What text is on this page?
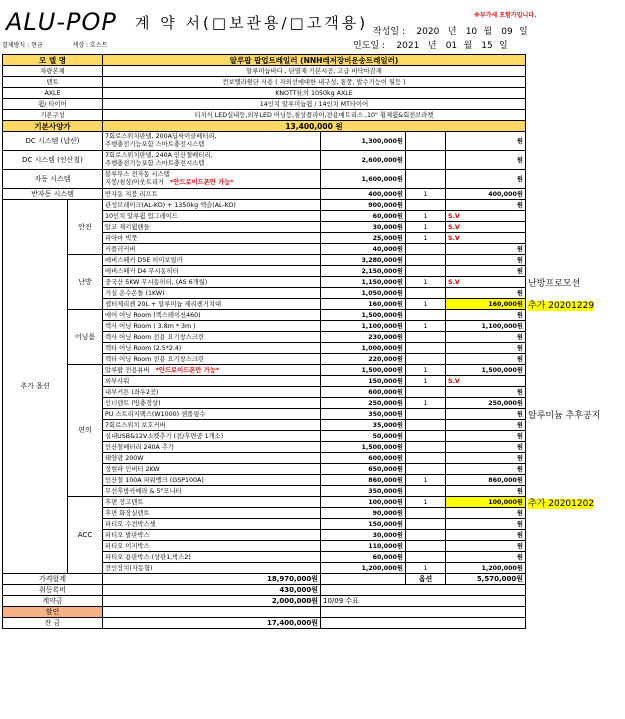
ALU-POP 계 약 서(□보관용/□고객용)	※부가세 포함가입니다.
작성일 : 2020 년 10 월 09 일
인도일 : 2021 년 01 월 15 일
결제방식 : 현금	색상 : 호스트
모 델 명		알루팝 팝업트레일러 (NNH레저장비운송트레일러)			
차량본체		알루미늄바디 , 단열재 기본시공, 고급 비닥마감재			
텐트		컨보텔라원단 사용 ( 자외선에대한 내구성, 통풍, 발수기능이 월등 )			
AXLE		KNOTT社의 1050kg AXLE			
휠/ 타이어		14인치 알루미늄휠 / 14인치 MT타이어			
기본구성		티치식 LED실내등,외부LED 어닝등,침상플라이,전용매트리스 ,10" 휭체휠&회전브라켓			
기본사양가		13,400,000 원			
DC 시스템 (납산)		7회로스위치판넬, 200A딥싸이클배터리,
주행충전기능포함 스마트충전시스템	1,300,000원		원
DC 시스템 (인산철)		7회로스위치판넬, 240A 인산철배터리,
주행충전기능포함 스마트충전시스템	2,600,000원		원
자동 시스템		블루투스 전자동 시스템
지붕/침상/아웃트리거 *안드로이드폰만 가능*	1,600,000원		원
반자동 시스템		반자동 지붕 리프트	400,000원	1	400,000원
추가 옵션	안전	관성브레이크(AL-KO) + 1350kg 액슬(AL-KO)	900,000원		원
		10인치 알루휠 업그레이드	60,000원	1	S.V
		알코 재키휠핸들	30,000원	1	S.V
		피아마 빅풋	25,000원	1	S.V
		커플러커버	40,000원		원
	난방	에버스페커 D5E 히이보일러	3,280,000원		원
		에버스페커 D4 무시동히터	2,150,000원		원
		중국산 5KW 무시동히터, (AS 6개월)	1,150,000원	1	S.V
		거실 온수온돌 (1KW)	1,050,000원		원
		셉터제리켄 20L + 알루미늄 제리켄거치대	160,000원	1	160,000원
	어닝룸	에어 어닝 Room (렉스테이션460)	1,500,000원		원
		렉사 어닝 Room ( 3.8m * 3m )	1,100,000원	1	1,100,000원
		렉사 어닝 Room 전용 요기창스크린	230,000원		원
		렉타 어닝 Room (2.5*2.4)	1,000,000원		원
		렉타 어닝 Room 전용 요기창스크린	220,000원		원
	편의	알루팝 전용뷰버 *안드로이드폰만 가능*	1,500,000원	1	1,500,000원
		외부샤워	150,000원	1	S.V
		내부커튼 (좌우2곳)	600,000원		원
		인너텐트 (방충정상)	250,000원	1	250,000원
		PU 스트리지팩스(W1000) 샘플링수	350,000원		원
		7회로스위치 보호커버	35,000원		원
		실내USB&12V소켓추가 (전/후면중 1개소)	50,000원		원
		인산철배터리 240A 추가	1,500,000원		원
		태양광 200W	600,000원		원
		정현파 인버터 2KW	650,000원		원
		인산철 100A 파워뱅크 (GSP100A)	860,000원	1	860,000원
		무선후방카메라 & 5"모니터	350,000원		원
	ACC	후면 장고텐트	100,000원	1	100,000원
		후면 화장실텐트	90,000원		원
		파티오 수전박스셋	150,000원		원
		파티오 발판박스	30,000원		원
		파티오 이지박스	110,000원		원
		파티오 용판박스 (상판1,박스2)	60,000원		원
		견인장치(자동형)	1,200,000원	1	1,200,000원
가격합계		18,970,000원		옵션	5,570,000원
취등록비		430,000원			
계약금		2,000,000원	10/09 수표		
할인					
잔 금		17,400,000원			
난방프로모션
추가 20201229
알루미늄 추후공지
추가 20201202
